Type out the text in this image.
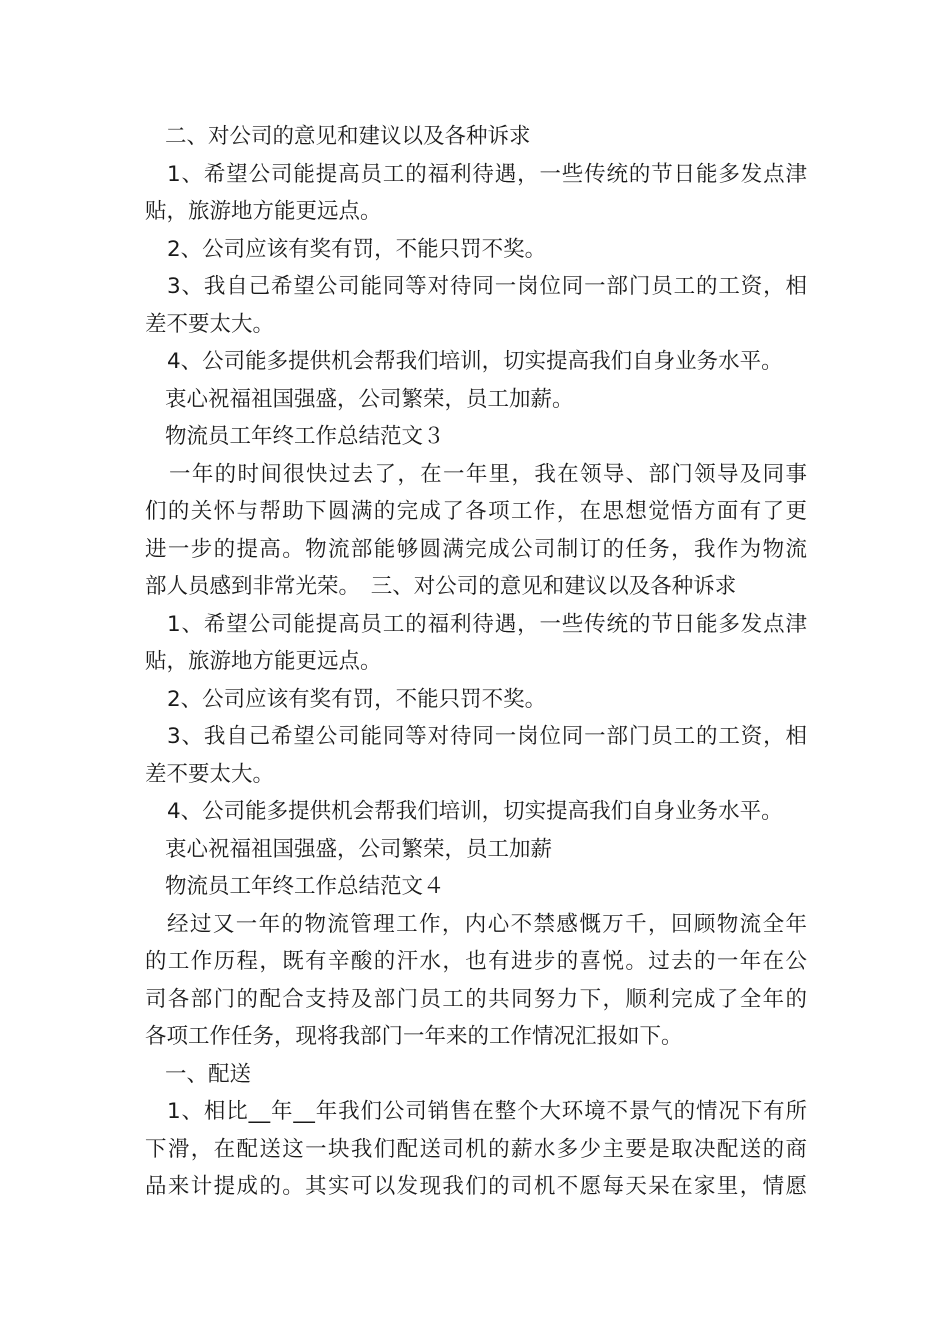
二、对公司的意见和建议以及各种诉求
1、希望公司能提高员工的福利待遇，一些传统的节日能多发点津
贴，旅游地方能更远点。
2、公司应该有奖有罚，不能只罚不奖。
3、我自己希望公司能同等对待同一岗位同一部门员工的工资，相
差不要太大。
4、公司能多提供机会帮我们培训，切实提高我们自身业务水平。
衷心祝福祖国强盛，公司繁荣，员工加薪。
物流员工年终工作总结范文３
一年的时间很快过去了，在一年里，我在领导、部门领导及同事
们的关怀与帮助下圆满的完成了各项工作，在思想觉悟方面有了更
进一步的提高。物流部能够圆满完成公司制订的任务，我作为物流
部人员感到非常光荣。　三、对公司的意见和建议以及各种诉求
1、希望公司能提高员工的福利待遇，一些传统的节日能多发点津
贴，旅游地方能更远点。
2、公司应该有奖有罚，不能只罚不奖。
3、我自己希望公司能同等对待同一岗位同一部门员工的工资，相
差不要太大。
4、公司能多提供机会帮我们培训，切实提高我们自身业务水平。
衷心祝福祖国强盛，公司繁荣，员工加薪
物流员工年终工作总结范文４
经过又一年的物流管理工作，内心不禁感慨万千，回顾物流全年
的工作历程，既有辛酸的汗水，也有进步的喜悦。过去的一年在公
司各部门的配合支持及部门员工的共同努力下，顺利完成了全年的
各项工作任务，现将我部门一年来的工作情况汇报如下。
一、配送
1、相比__年__年我们公司销售在整个大环境不景气的情况下有所
下滑，在配送这一块我们配送司机的薪水多少主要是取决配送的商
品来计提成的。其实可以发现我们的司机不愿每天呆在家里，情愿
